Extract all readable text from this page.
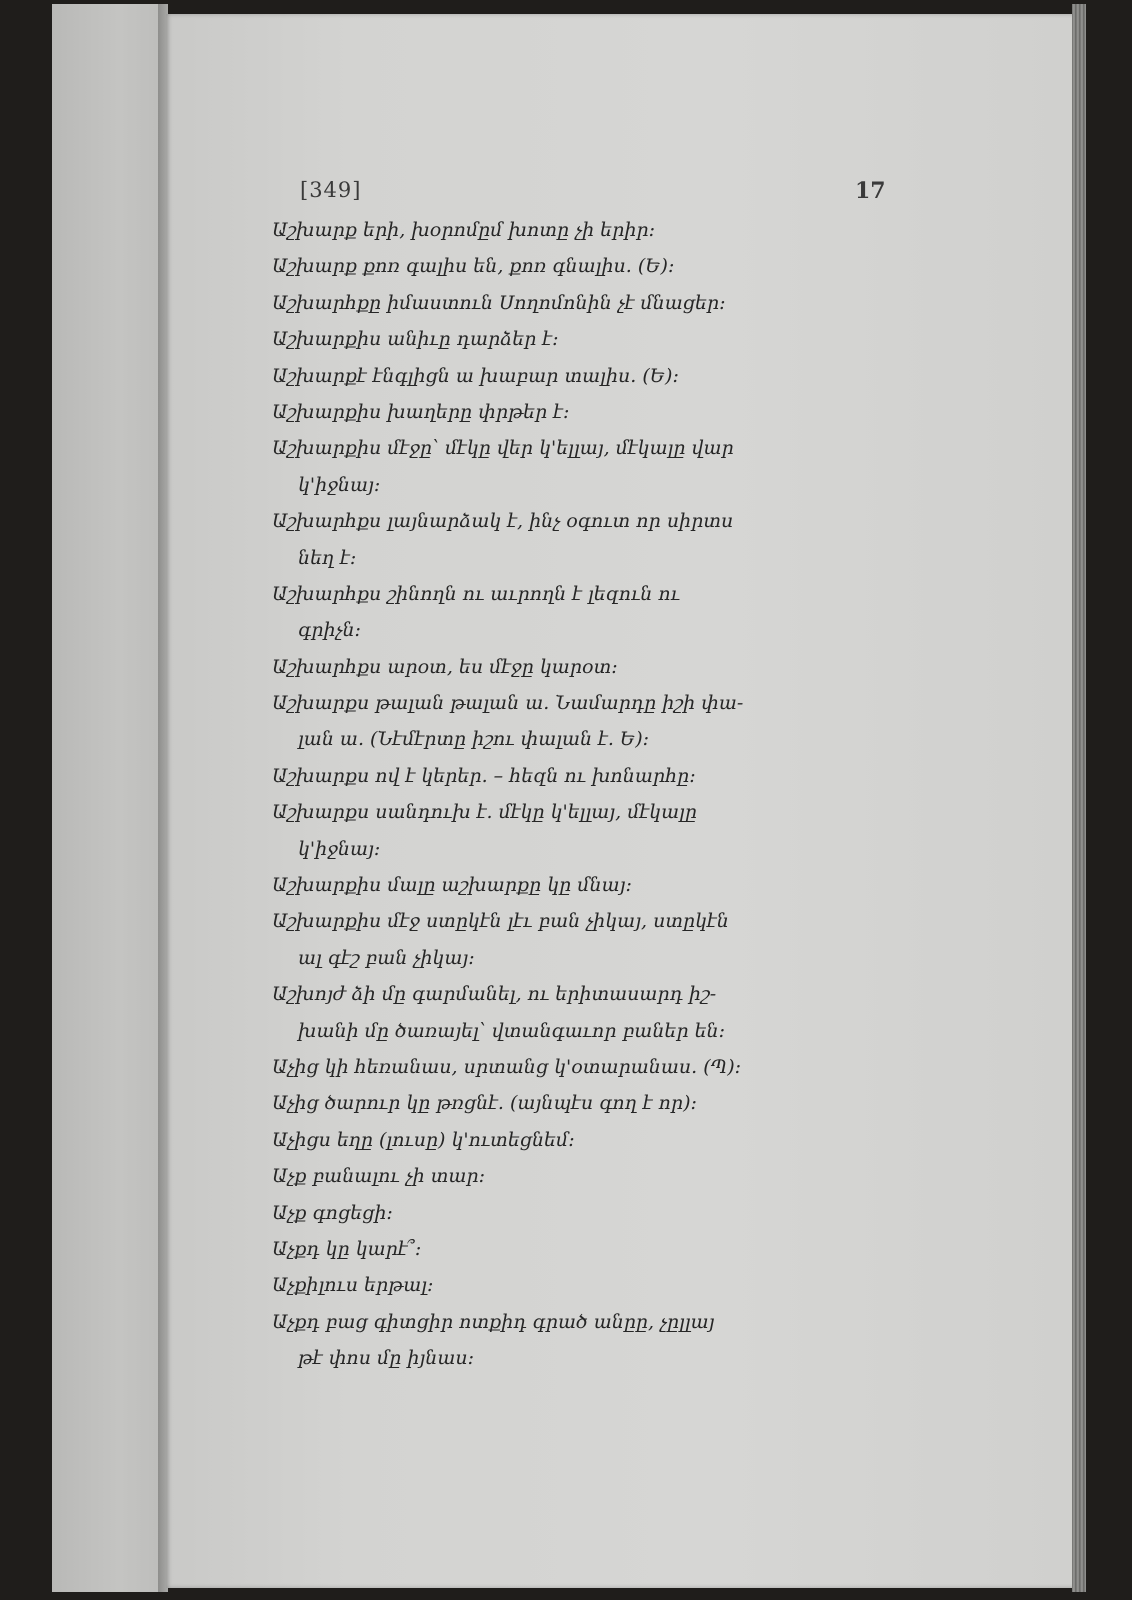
[349]	17
Աշխարք երի, խօրոմըմ խոտը չի երիր։
Աշխարք քոռ գալիս են, քոռ գնալիս. (Ե)։
Աշխարհքը իմաստուն Սողոմոնին չէ մնացեր։
Աշխարքիս անիւը դարձեր է։
Աշխարքէ էնգլիցն ա խաբար տալիս. (Ե)։
Աշխարքիս խաղերը փրթեր է։
Աշխարքիս մէջը՝ մէկը վեր կ'ելլայ, մէկալը վար
կ'իջնայ։
Աշխարհքս լայնարձակ է, ինչ օգուտ որ սիրտս
նեղ է։
Աշխարհքս շինողն ու աւրողն է լեզուն ու
գրիչն։
Աշխարհքս արօտ, ես մէջը կարօտ։
Աշխարքս թալան թալան ա. Նամարդը իշի փա-
լան ա. (Նէմէրտը իշու փալան է. Ե)։
Աշխարքս ով է կերեր. – հեզն ու խոնարհը։
Աշխարքս սանդուխ է. մէկը կ'ելլայ, մէկալը
կ'իջնայ։
Աշխարքիս մալը աշխարքը կը մնայ։
Աշխարքիս մէջ ստըկէն լէւ բան չիկայ, ստըկէն
ալ գէշ բան չիկայ։
Աշխոյժ ձի մը գարմանել, ու երիտասարդ իշ-
խանի մը ծառայել՝ վտանգաւոր բաներ են։
Աչից կի հեռանաս, սրտանց կ'օտարանաս. (Պ)։
Աչից ծարուր կը թռցնէ. (այնպէս գող է որ)։
Աչիցս եղը (լուսը) կ'ուտեցնեմ։
Աչք բանալու չի տար։
Աչք գոցեցի։
Աչքդ կը կարէ՞։
Աչքիլուս երթալ։
Աչքդ բաց գիտցիր ոտքիդ գրած անըը, չըլլայ
թէ փոս մը իյնաս։
